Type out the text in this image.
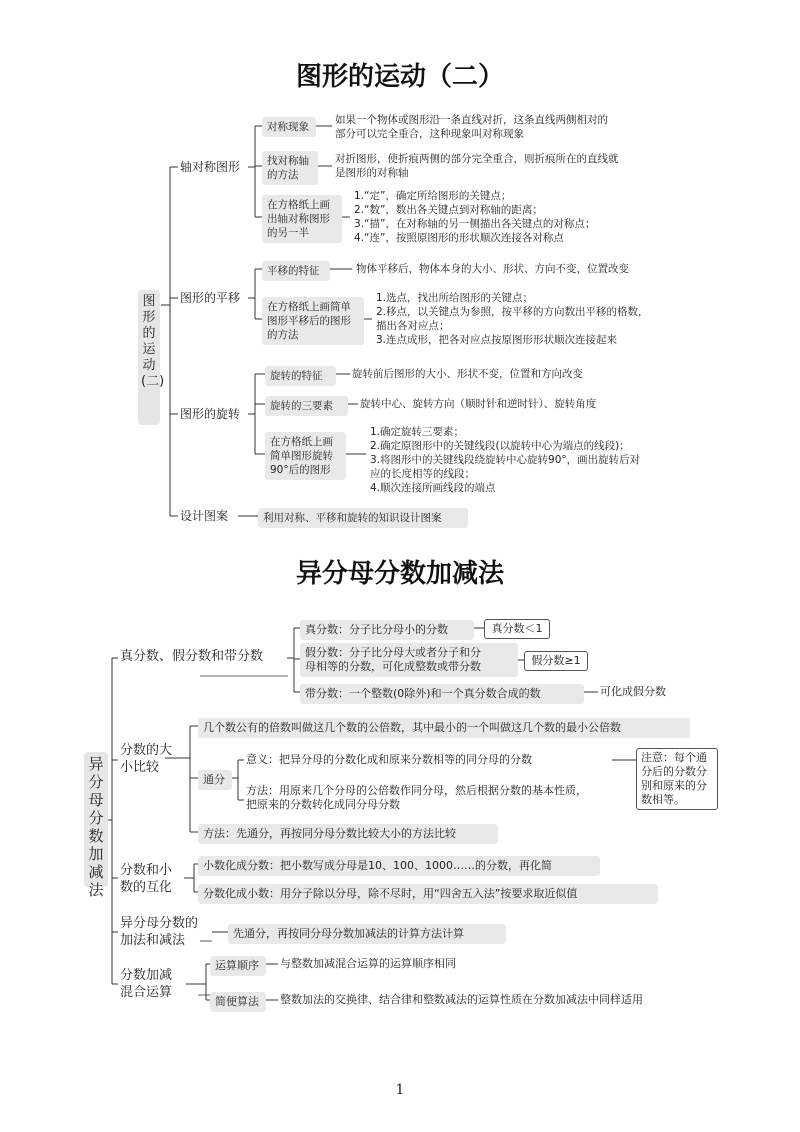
图形的运动（二）
图形的运动(二)
轴对称图形
对称现象
如果一个物体或图形沿一条直线对折，这条直线两侧相对的
部分可以完全重合，这种现象叫对称现象
找对称轴
的方法
对折图形，使折痕两侧的部分完全重合，则折痕所在的直线就
是图形的对称轴
在方格纸上画
出轴对称图形
的另一半
1.“定”，确定所给图形的关键点；
2.“数”，数出各关键点到对称轴的距离；
3.“描”，在对称轴的另一侧描出各关键点的对称点；
4.“连”，按照原图形的形状顺次连接各对称点
图形的平移
平移的特征	物体平移后，物体本身的大小、形状、方向不变，位置改变
在方格纸上画简单
图形平移后的图形
的方法
1.选点，找出所给图形的关键点；
2.移点，以关键点为参照，按平移的方向数出平移的格数，
描出各对应点；
3.连点成形，把各对应点按原图形形状顺次连接起来
图形的旋转
旋转的特征	旋转前后图形的大小、形状不变，位置和方向改变
旋转的三要素	旋转中心、旋转方向（顺时针和逆时针）、旋转角度
在方格纸上画
简单图形旋转
90°后的图形
1.确定旋转三要素；
2.确定原图形中的关键线段(以旋转中心为端点的线段)；
3.将图形中的关键线段绕旋转中心旋转90°，画出旋转后对
应的长度相等的线段；
4.顺次连接所画线段的端点
设计图案	利用对称、平移和旋转的知识设计图案
异分母分数加减法
异分母分数加减法
真分数、假分数和带分数
真分数：分子比分母小的分数	真分数＜1
假分数：分子比分母大或者分子和分
母相等的分数，可化成整数或带分数	假分数≥1
带分数：一个整数(0除外)和一个真分数合成的数	可化成假分数
分数的大
小比较
几个数公有的倍数叫做这几个数的公倍数，其中最小的一个叫做这几个数的最小公倍数
通分
意义：把异分母的分数化成和原来分数相等的同分母的分数
方法：用原来几个分母的公倍数作同分母，然后根据分数的基本性质，
把原来的分数转化成同分母分数
注意：每个通
分后的分数分
别和原来的分
数相等。
方法：先通分，再按同分母分数比较大小的方法比较
分数和小
数的互化
小数化成分数：把小数写成分母是10、100、1000……的分数，再化简
分数化成小数：用分子除以分母，除不尽时，用“四舍五入法”按要求取近似值
异分母分数的
加法和减法	先通分，再按同分母分数加减法的计算方法计算
分数加减
混合运算
运算顺序	与整数加减混合运算的运算顺序相同
简便算法	整数加法的交换律、结合律和整数减法的运算性质在分数加减法中同样适用
1
